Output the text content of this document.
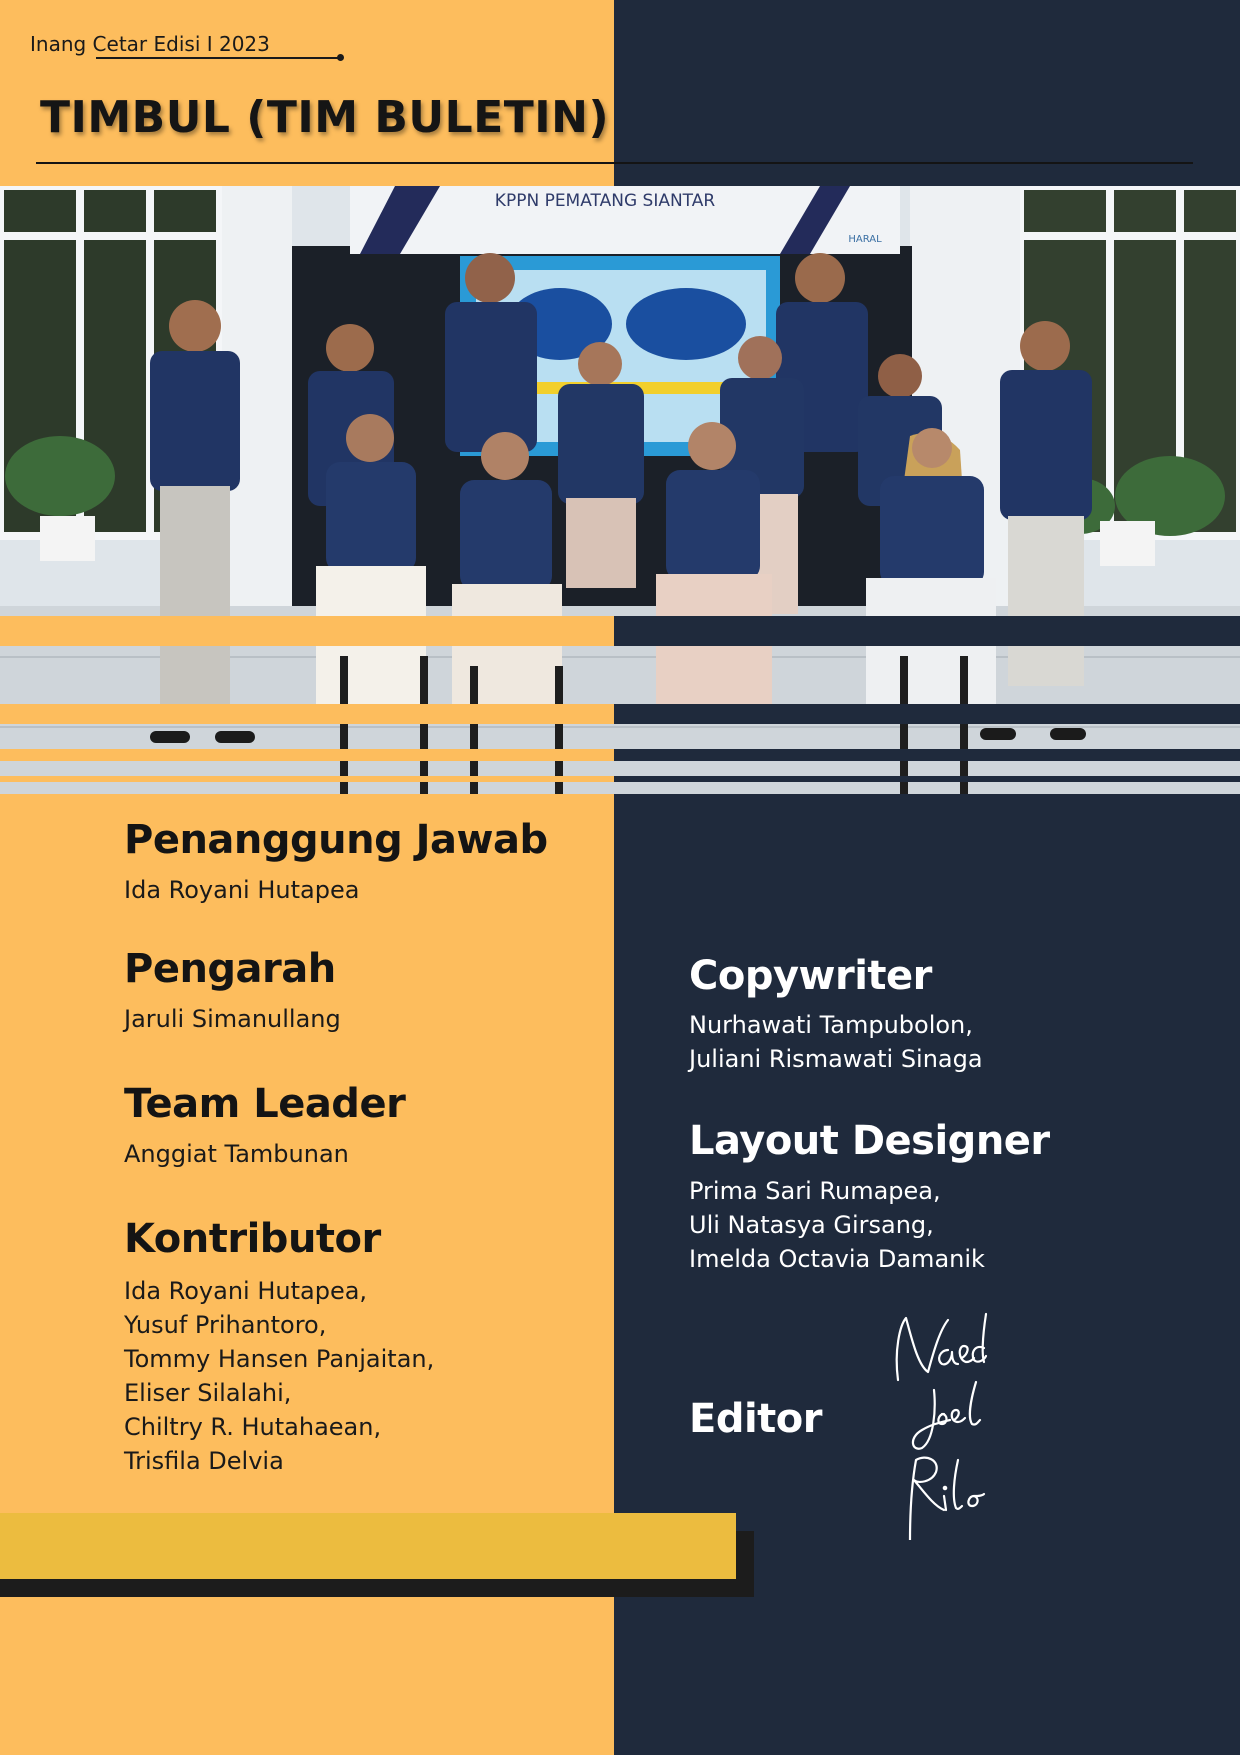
Inang Cetar Edisi I 2023
TIMBUL (TIM BULETIN)
KPPN PEMATANG SIANTAR
HARAL
Penanggung Jawab
Ida Royani Hutapea
Pengarah
Jaruli Simanullang
Team Leader
Anggiat Tambunan
Kontributor
Ida Royani Hutapea,
Yusuf Prihantoro,
Tommy Hansen Panjaitan,
Eliser Silalahi,
Chiltry R. Hutahaean,
Trisfila Delvia
Copywriter
Nurhawati Tampubolon,
Juliani Rismawati Sinaga
Layout Designer
Prima Sari Rumapea,
Uli Natasya Girsang,
Imelda Octavia Damanik
Editor
